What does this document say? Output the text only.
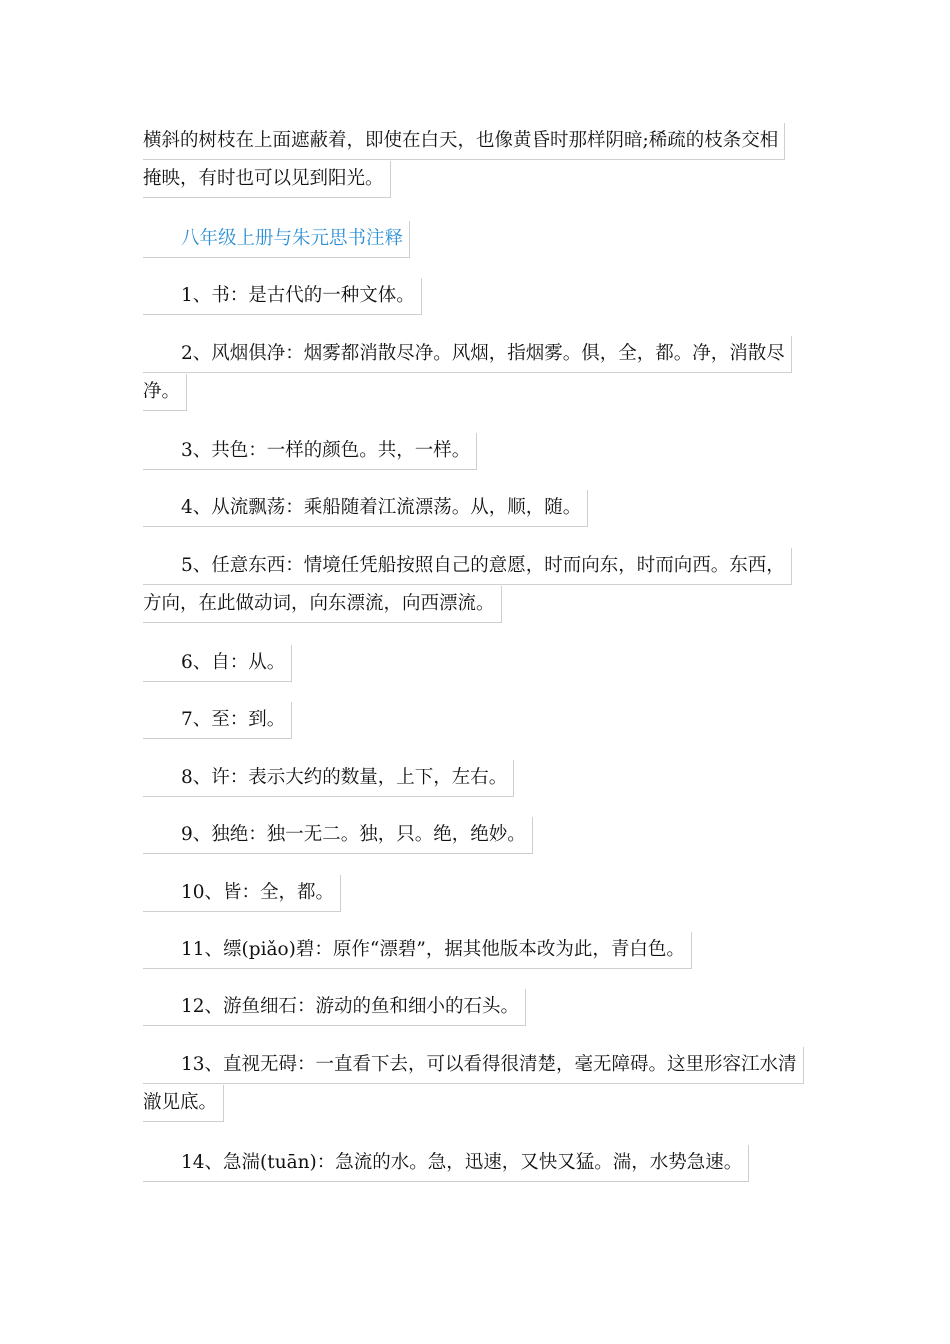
横斜的树枝在上面遮蔽着，即使在白天，也像黄昏时那样阴暗;稀疏的枝条交相
掩映，有时也可以见到阳光。
八年级上册与朱元思书注释
1、书：是古代的一种文体。
2、风烟俱净：烟雾都消散尽净。风烟，指烟雾。俱，全，都。净，消散尽
净。
3、共色：一样的颜色。共，一样。
4、从流飘荡：乘船随着江流漂荡。从，顺，随。
5、任意东西：情境任凭船按照自己的意愿，时而向东，时而向西。东西，
方向，在此做动词，向东漂流，向西漂流。
6、自：从。
7、至：到。
8、许：表示大约的数量，上下，左右。
9、独绝：独一无二。独，只。绝，绝妙。
10、皆：全，都。
11、缥(piǎo)碧：原作“漂碧”，据其他版本改为此，青白色。
12、游鱼细石：游动的鱼和细小的石头。
13、直视无碍：一直看下去，可以看得很清楚，毫无障碍。这里形容江水清
澈见底。
14、急湍(tuān)：急流的水。急，迅速，又快又猛。湍，水势急速。
